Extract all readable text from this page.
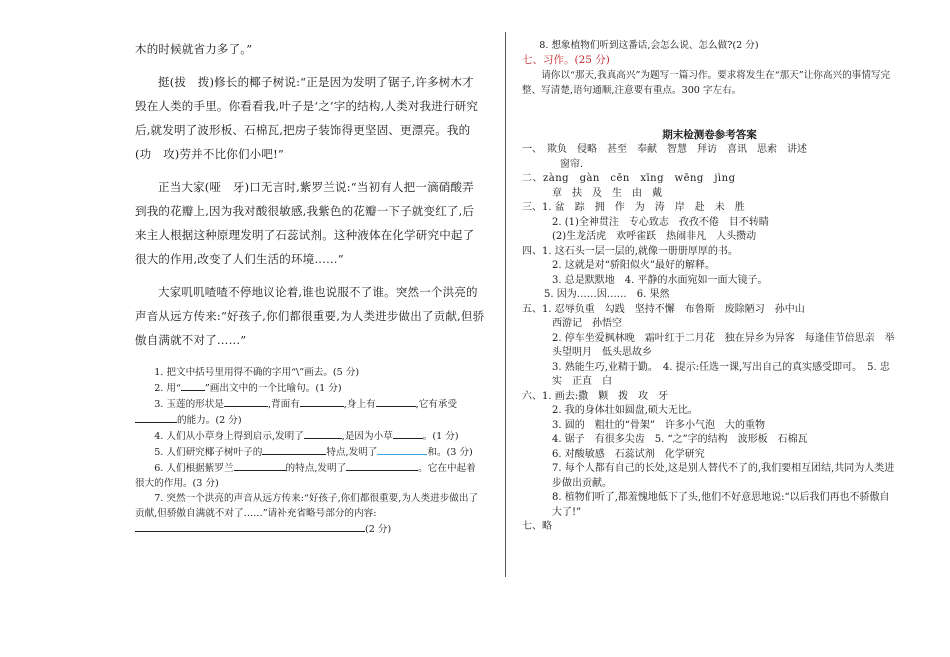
木的时候就省力多了。”

挺(拔　拨)修长的椰子树说:“正是因为发明了锯子,许多树木才毁在人类的手里。你看看我,叶子是‘之’字的结构,人类对我进行研究后,就发明了波形板、石棉瓦,把房子装饰得更坚固、更漂亮。我的(功　攻)劳并不比你们小吧!”

正当大家(哑　牙)口无言时,紫罗兰说:“当初有人把一滴硝酸弄到我的花瓣上,因为我对酸很敏感,我紫色的花瓣一下子就变红了,后来主人根据这种原理发明了石蕊试剂。这种液体在化学研究中起了很大的作用,改变了人们生活的环境……”

大家叽叽喳喳不停地议论着,谁也说服不了谁。突然一个洪亮的声音从远方传来:“好孩子,你们都很重要,为人类进步做出了贡献,但骄傲自满就不对了……”

1. 把文中括号里用得不确的字用“\”画去。(5 分)

2. 用“	”画出文中的一个比喻句。(1 分)

3. 玉莲的形状是	,背面有	,身上有	,它有承受的能力。(2 分)

4. 人们从小草身上得到启示,发明了	,是因为小草	。(1 分)

5. 人们研究椰子树叶子的	特点,发明了	和。(3 分)

6. 人们根据紫罗兰	的特点,发明了	。它在中起着很大的作用。(3 分)

7. 突然一个洪亮的声音从远方传来:“好孩子,你们都很重要,为人类进步做出了贡献,但骄傲自满就不对了……”请补充省略号部分的内容:(2 分)

8. 想象植物们听到这番话,会怎么说、怎么做?(2 分)

七、习作。(25 分)

请你以“那天,我真高兴”为题写一篇习作。要求将发生在“那天”让你高兴的事情写完整、写清楚,语句通顺,注意要有重点。300 字左右。

期末检测卷参考答案

一、　欺负　侵略　甚至　奉献　智慧　拜访　喜讯　思索　讲述

窗帘.

二、zàng　gàn　cēn　xīng　wēng　jìng

章　扶　及　生　由　戴

三、1. 盆　踪　拥　作　为　涛　岸　赴　未　胜

2. (1)全神贯注　专心致志　孜孜不倦　目不转睛

(2)生龙活虎　欢呼雀跃　热闹非凡　人头攒动

四、1. 这石头一层一层的,就像一册册厚厚的书。

2. 这就是对“骄阳似火”最好的解释。

3. 总是默默地　4. 平静的水面宛如一面大镜子。

5. 因为……因……　6. 果然

五、1. 忍辱负重　勾践　坚持不懈　布鲁斯　废除陋习　孙中山

西游记　孙悟空

2. 停车坐爱枫林晚　霜叶红于二月花　独在异乡为异客　每逢佳节倍思亲　举头望明月　低头思故乡

3. 熟能生巧,业精于勤。　4. 提示:任选一课,写出自己的真实感受即可。　5. 忠实　正直　白

六、1. 画去:撒　颗　拨　攻　牙

2. 我的身体壮如圆盘,硕大无比。

3. 圆的　粗壮的“骨架”　许多小气泡　大的重物

4. 锯子　有很多尖齿　5. “之”字的结构　波形板　石棉瓦

6. 对酸敏感　石蕊试剂　化学研究

7. 每个人都有自己的长处,这是别人替代不了的,我们要相互团结,共同为人类进步做出贡献。

8. 植物们听了,都羞愧地低下了头,他们不好意思地说:“以后我们再也不骄傲自大了!”

七、略
